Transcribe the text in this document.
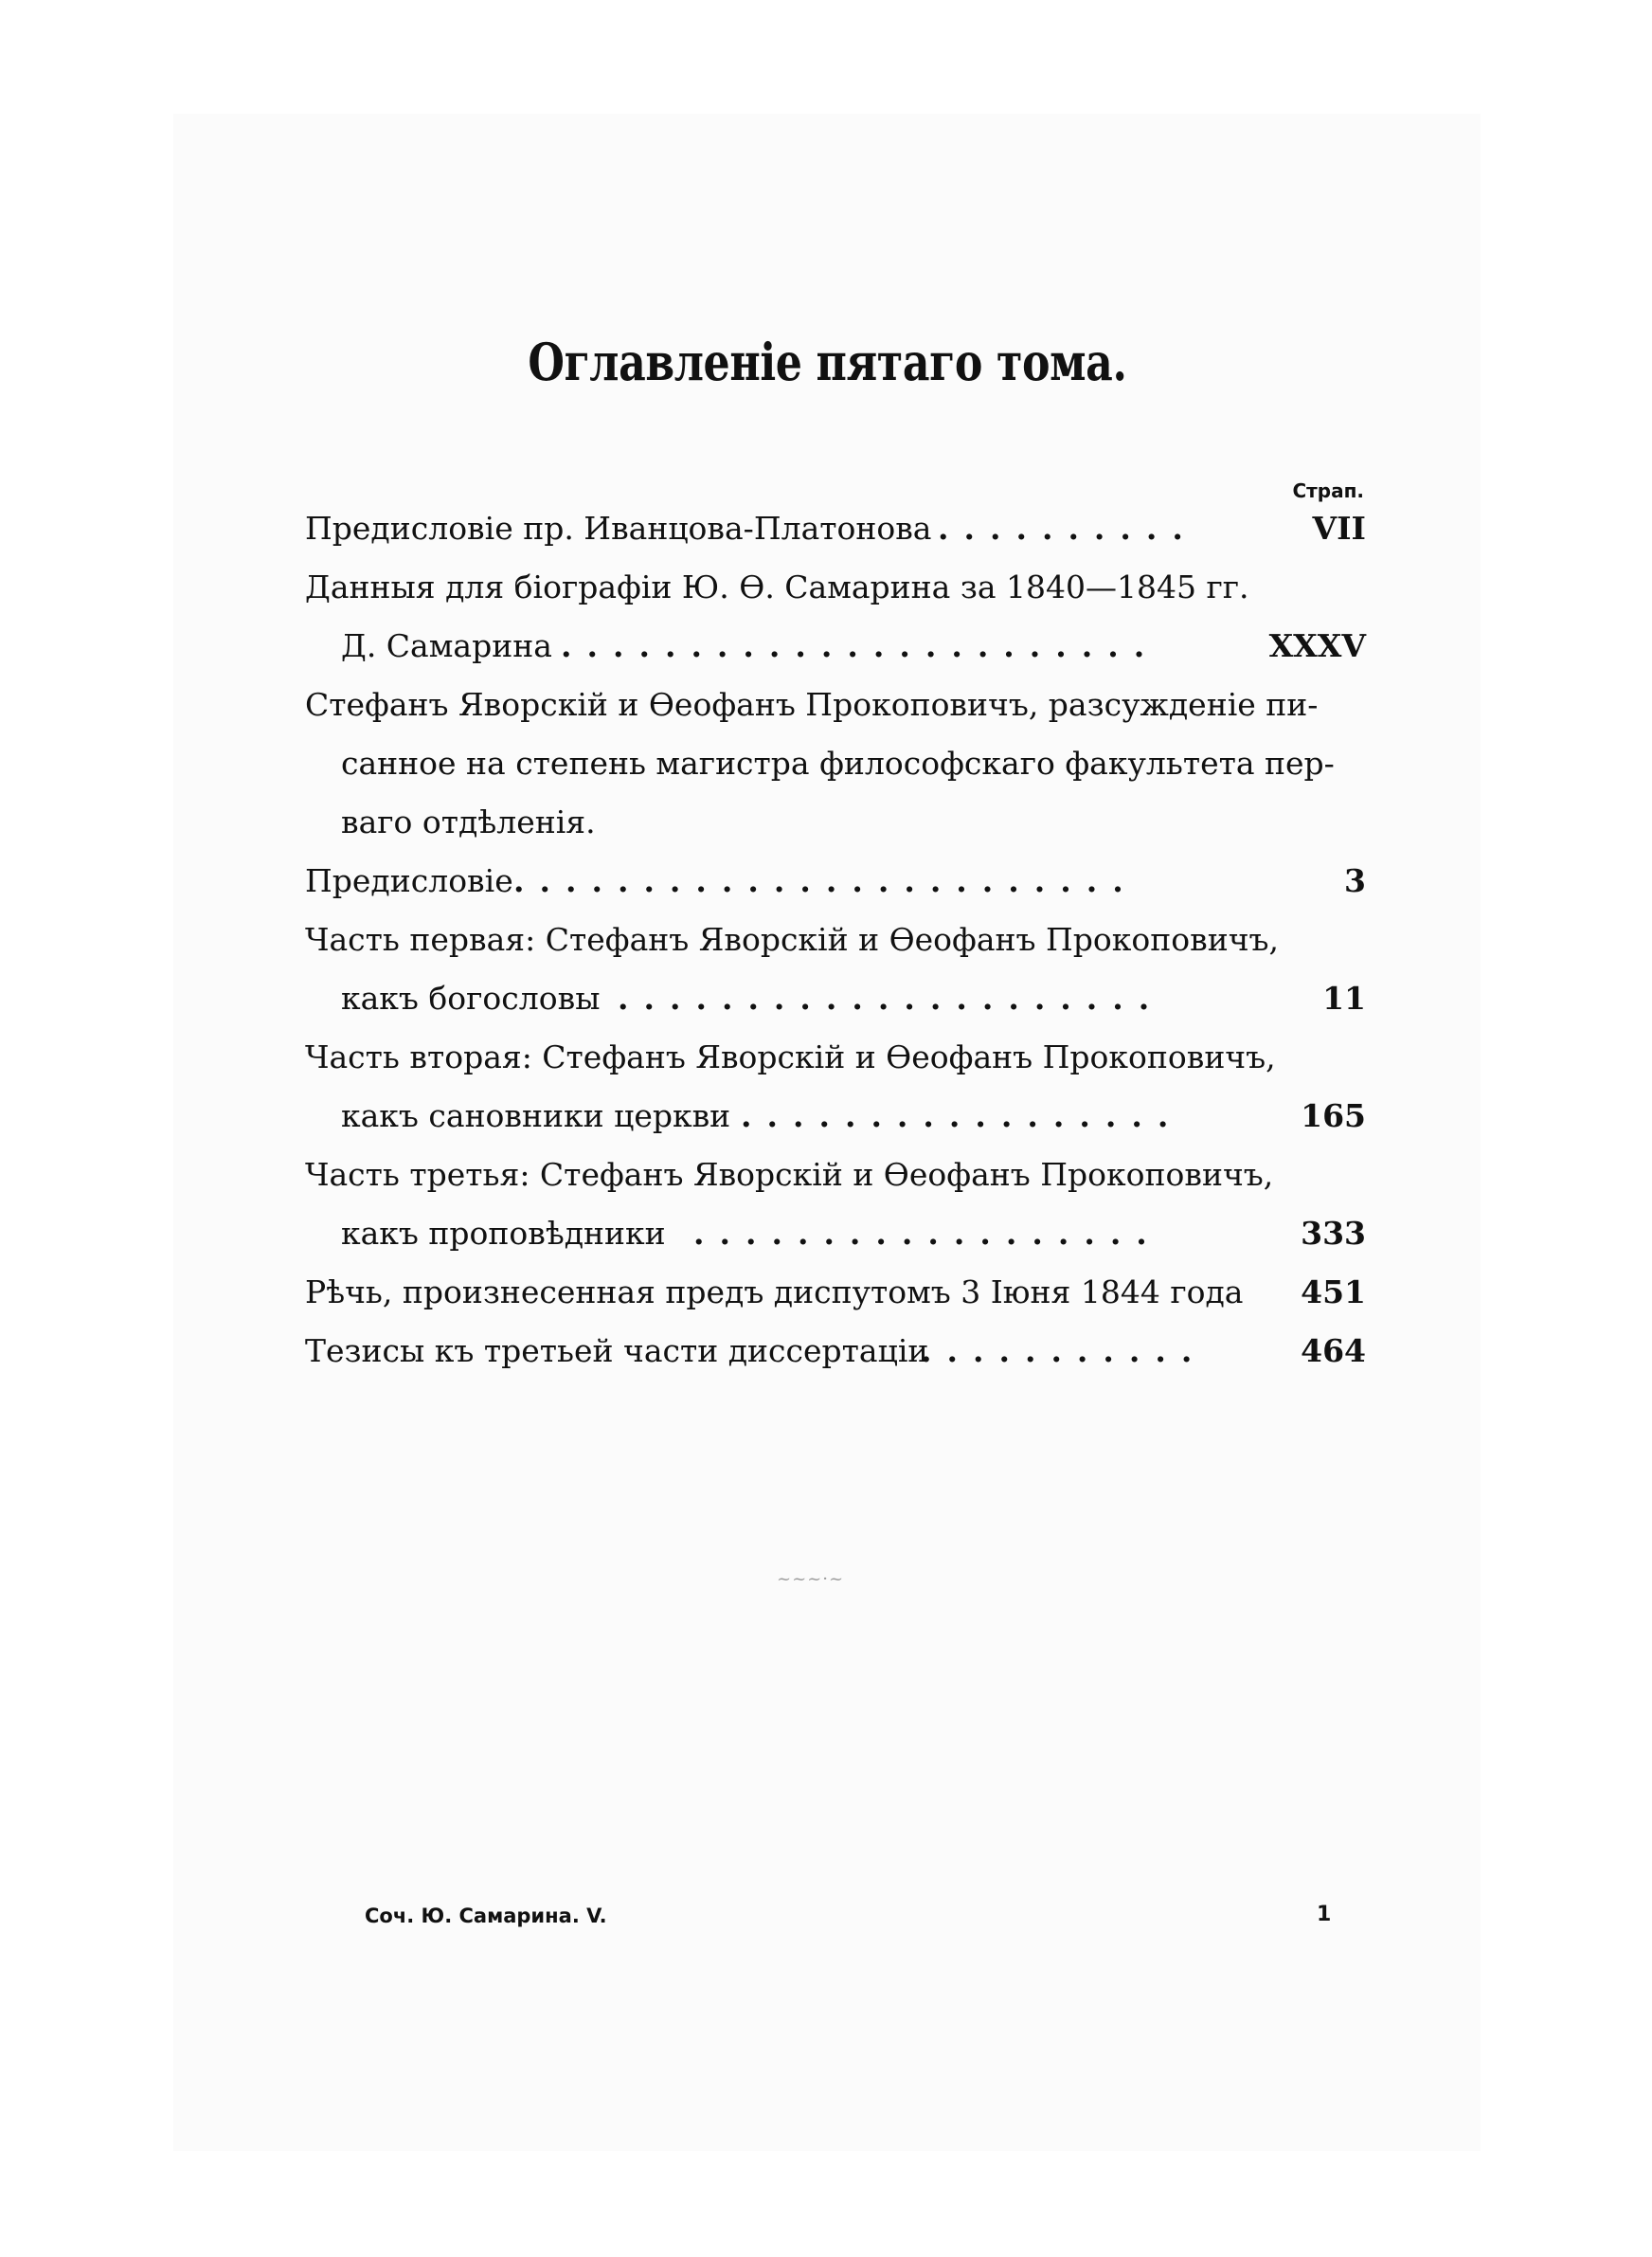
Оглавленіе пятаго тома.
Страп.
Предисловіе пр. Иванцова-Платонова ..........	VII
Данныя для біографіи Ю. Ѳ. Самарина за 1840—1845 гг.
Д. Самарина .......................	XXXV
Стефанъ Яворскій и Ѳеофанъ Прокоповичъ, разсужденіе пи-
санное на степень магистра философскаго факультета пер-
ваго отдѣленія.
Предисловіе ........................	3
Часть первая: Стефанъ Яворскій и Ѳеофанъ Прокоповичъ,
какъ богословы .....................	11
Часть вторая: Стефанъ Яворскій и Ѳеофанъ Прокоповичъ,
какъ сановники церкви .................	165
Часть третья: Стефанъ Яворскій и Ѳеофанъ Прокоповичъ,
какъ проповѣдники ..................	333
Рѣчь, произнесенная предъ диспутомъ 3 Іюня 1844 года	451
Тезисы къ третьей части диссертаціи
...........	464
~~~·~
Соч. Ю. Самарина. V.	1
